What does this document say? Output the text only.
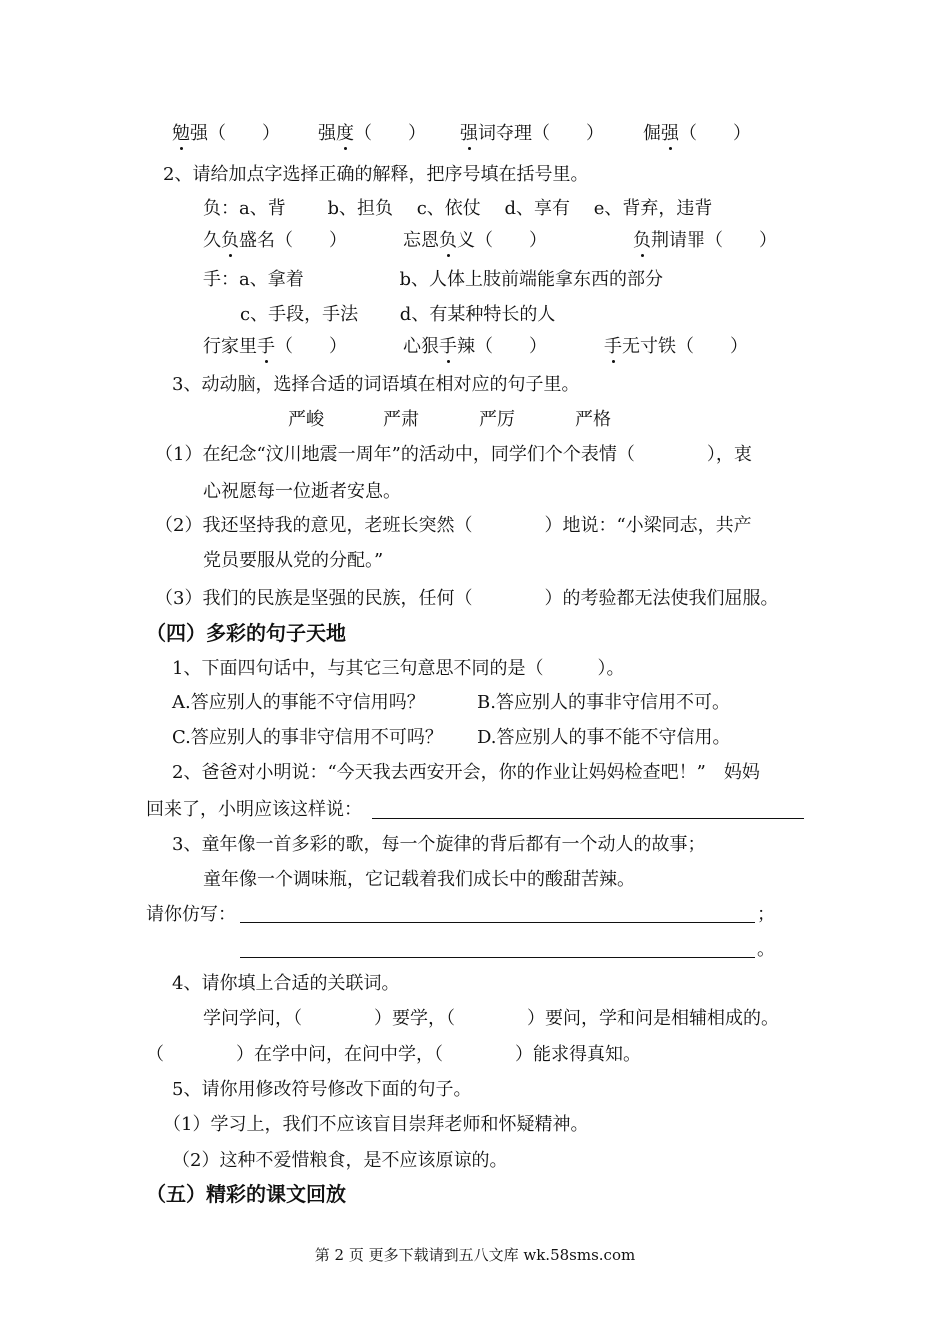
勉强（　　） 强度（　　） 强词夺理（　　） 倔强（　　）
2、请给加点字选择正确的解释，把序号填在括号里。
负：a、背　　 b、担负　 c、依仗　 d、享有　 e、背弃，违背
久负盛名（　　）	忘恩负义（　　）	负荆请罪（　　）
手：a、拿着　　　　　 b、人体上肢前端能拿东西的部分
c、手段，手法　　 d、有某种特长的人
行家里手（　　）	心狠手辣（　　）	手无寸铁（　　）
3、动动脑，选择合适的词语填在相对应的句子里。
严峻	严肃	严厉	严格
（1）在纪念“汶川地震一周年”的活动中，同学们个个表情（　　　　），衷
心祝愿每一位逝者安息。
（2）我还坚持我的意见，老班长突然（　　　　）地说：“小梁同志，共产
党员要服从党的分配。”
（3）我们的民族是坚强的民族，任何（　　　　）的考验都无法使我们屈服。
（四）多彩的句子天地
1、下面四句话中，与其它三句意思不同的是（　　　）。
A.答应别人的事能不守信用吗？	B.答应别人的事非守信用不可。
C.答应别人的事非守信用不可吗？ D.答应别人的事不能不守信用。
2、爸爸对小明说：“今天我去西安开会，你的作业让妈妈检查吧！”　妈妈
回来了，小明应该这样说：
3、童年像一首多彩的歌，每一个旋律的背后都有一个动人的故事；
童年像一个调味瓶，它记载着我们成长中的酸甜苦辣。
请你仿写：	；
。
4、请你填上合适的关联词。
学问学问，（　　　　）要学，（　　　　）要问，学和问是相辅相成的。
（　　　　）在学中问，在问中学，（　　　　）能求得真知。
5、请你用修改符号修改下面的句子。
（1）学习上，我们不应该盲目崇拜老师和怀疑精神。
（2）这种不爱惜粮食，是不应该原谅的。
（五）精彩的课文回放
第 2 页 更多下载请到五八文库 wk.58sms.com
